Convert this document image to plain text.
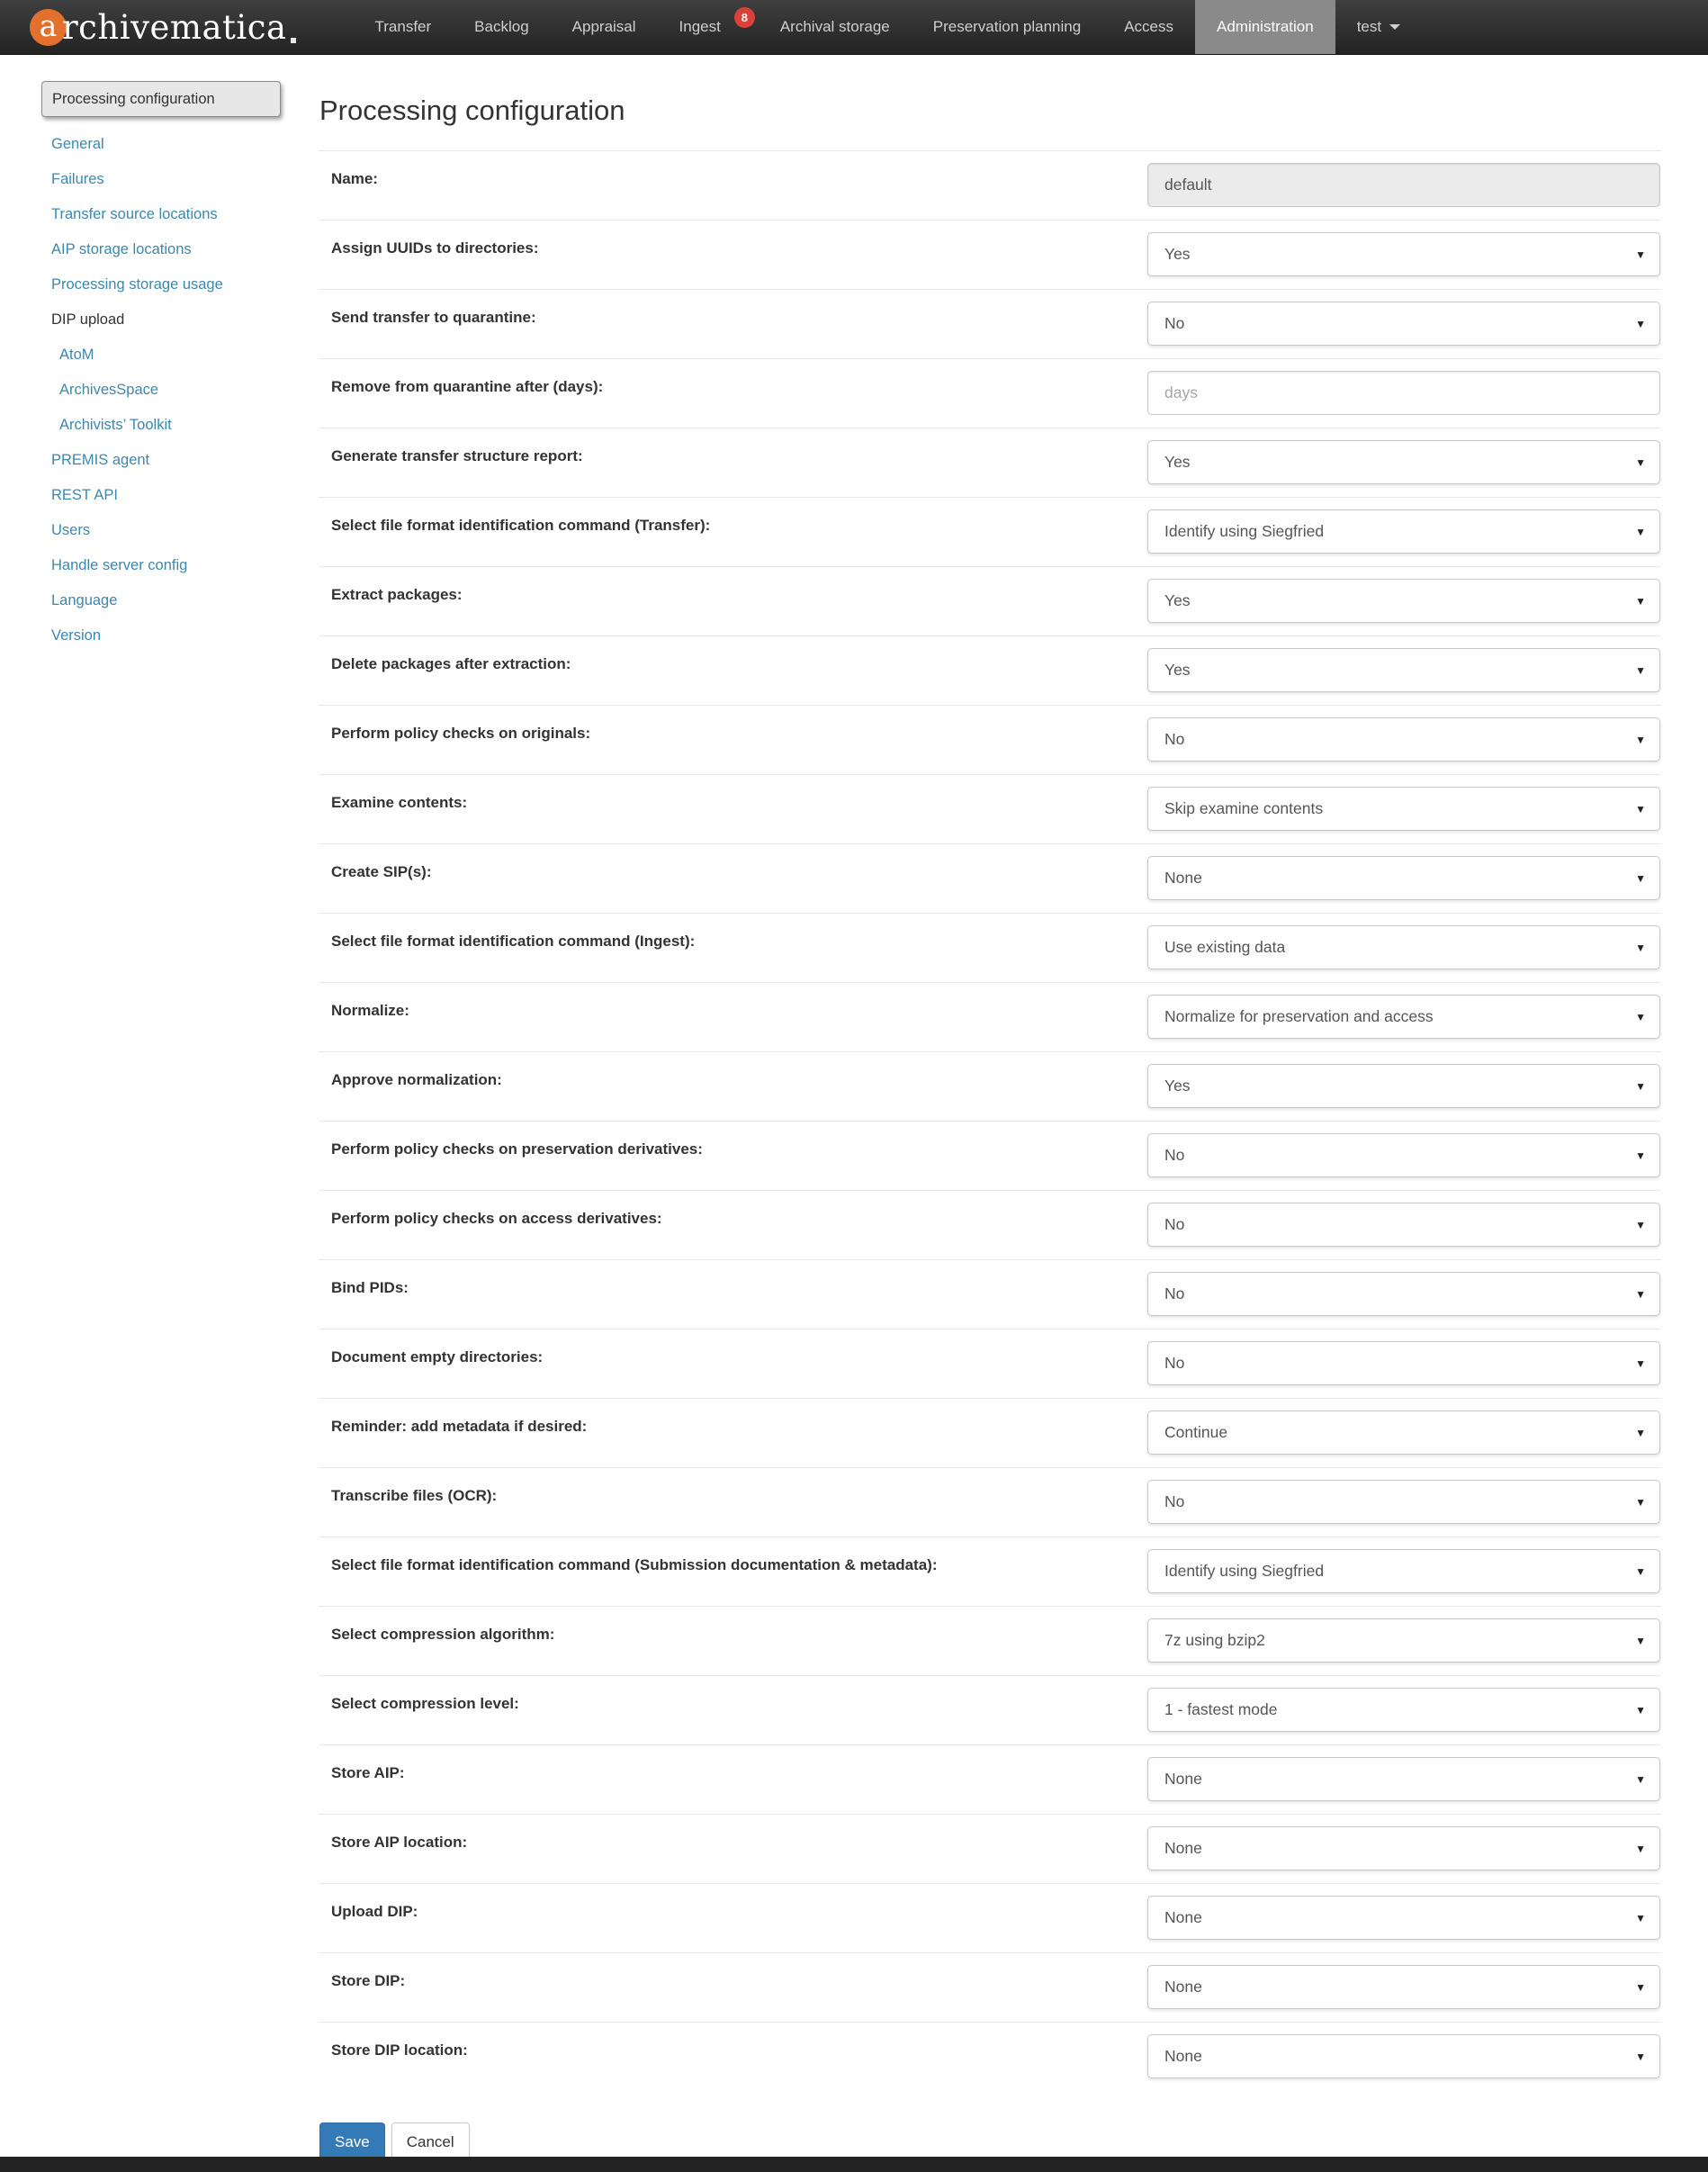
a rchivematica	Transfer	Backlog	Appraisal	Ingest
8
Archival storage	Preservation planning	Access	Administration	test
Processing configuration
General
Failures
Transfer source locations
AIP storage locations
Processing storage usage
DIP upload
AtoM
ArchivesSpace
Archivists’ Toolkit
PREMIS agent
REST API
Users
Handle server config
Language
Version
Processing configuration
Name:
default
Assign UUIDs to directories:	Yes	▼
Send transfer to quarantine:	No	▼
Remove from quarantine after (days):
days
Generate transfer structure report:	Yes	▼
Select file format identification command (Transfer):	Identify using Siegfried	▼
Extract packages:	Yes	▼
Delete packages after extraction:	Yes	▼
Perform policy checks on originals:	No	▼
Examine contents:	Skip examine contents	▼
Create SIP(s):	None	▼
Select file format identification command (Ingest):	Use existing data	▼
Normalize:	Normalize for preservation and access	▼
Approve normalization:	Yes	▼
Perform policy checks on preservation derivatives:	No	▼
Perform policy checks on access derivatives:	No	▼
Bind PIDs:	No	▼
Document empty directories:	No	▼
Reminder: add metadata if desired:	Continue	▼
Transcribe files (OCR):	No	▼
Select file format identification command (Submission documentation & metadata):	Identify using Siegfried	▼
Select compression algorithm:	7z using bzip2	▼
Select compression level:	1 - fastest mode	▼
Store AIP:	None	▼
Store AIP location:	None	▼
Upload DIP:	None	▼
Store DIP:	None	▼
Store DIP location:	None	▼
Save	Cancel
